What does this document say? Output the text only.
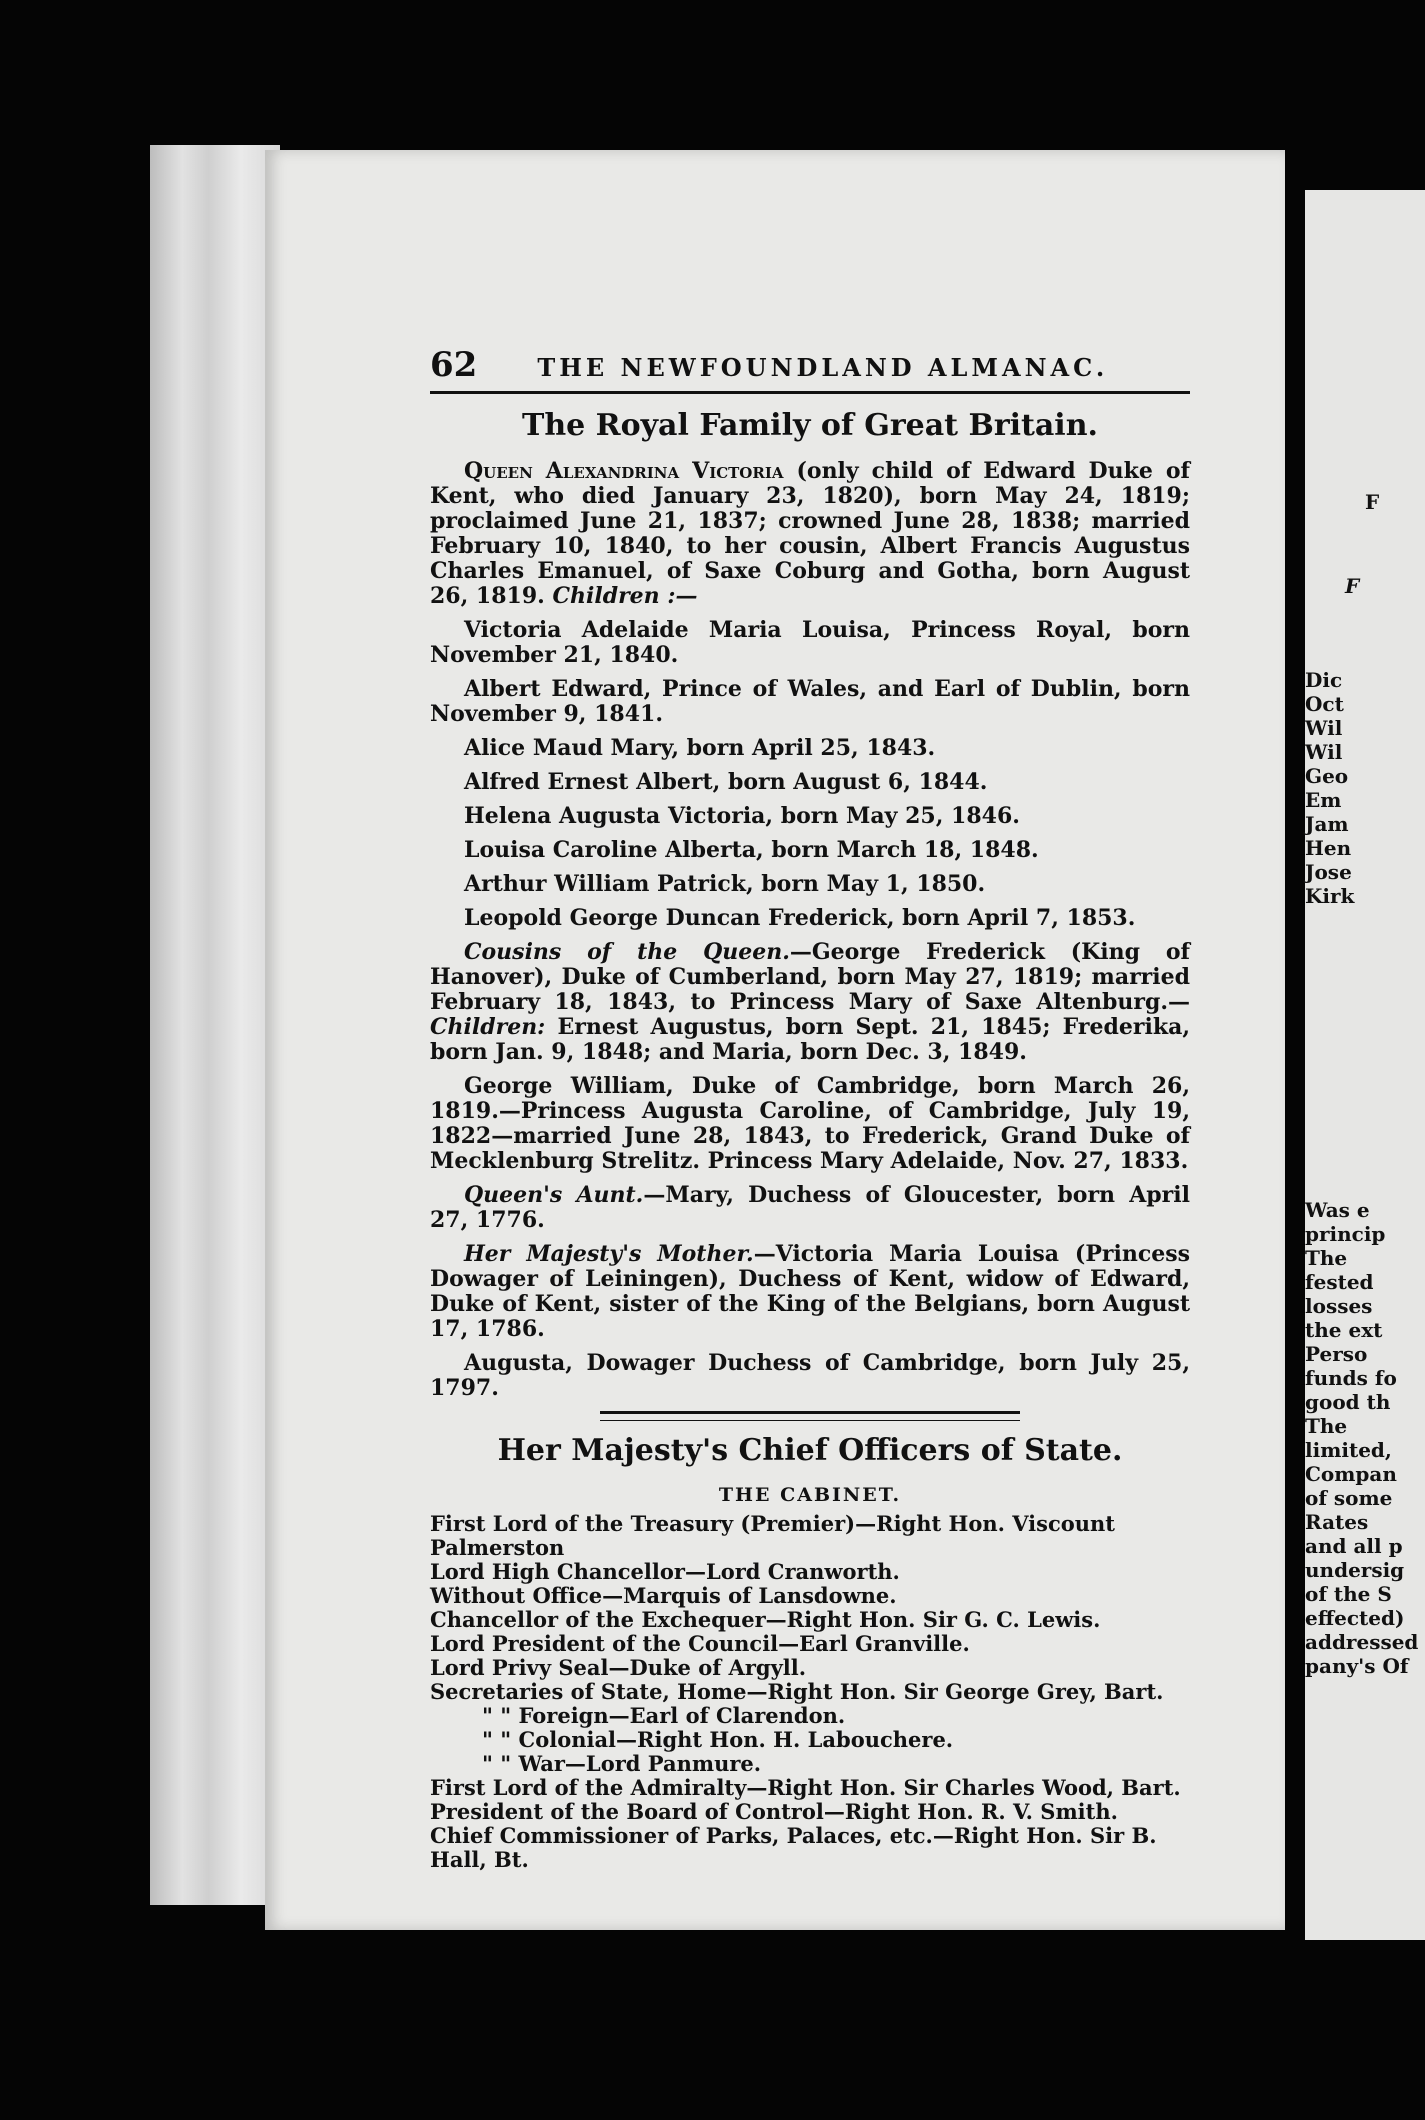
62	THE NEWFOUNDLAND ALMANAC.
The Royal Family of Great Britain.

Queen Alexandrina Victoria (only child of Edward Duke of Kent, who died January 23, 1820), born May 24, 1819; proclaimed June 21, 1837; crowned June 28, 1838; married February 10, 1840, to her cousin, Albert Francis Augustus Charles Emanuel, of Saxe Coburg and Gotha, born August 26, 1819. Children :—

Victoria Adelaide Maria Louisa, Princess Royal, born November 21, 1840.

Albert Edward, Prince of Wales, and Earl of Dublin, born November 9, 1841.

Alice Maud Mary, born April 25, 1843.

Alfred Ernest Albert, born August 6, 1844.

Helena Augusta Victoria, born May 25, 1846.

Louisa Caroline Alberta, born March 18, 1848.

Arthur William Patrick, born May 1, 1850.

Leopold George Duncan Frederick, born April 7, 1853.

Cousins of the Queen.—George Frederick (King of Hanover), Duke of Cumberland, born May 27, 1819; married February 18, 1843, to Princess Mary of Saxe Altenburg.—Children: Ernest Augustus, born Sept. 21, 1845; Frederika, born Jan. 9, 1848; and Maria, born Dec. 3, 1849.

George William, Duke of Cambridge, born March 26, 1819.—Princess Augusta Caroline, of Cambridge, July 19, 1822—married June 28, 1843, to Frederick, Grand Duke of Mecklenburg Strelitz. Princess Mary Adelaide, Nov. 27, 1833.

Queen's Aunt.—Mary, Duchess of Gloucester, born April 27, 1776.

Her Majesty's Mother.—Victoria Maria Louisa (Princess Dowager of Leiningen), Duchess of Kent, widow of Edward, Duke of Kent, sister of the King of the Belgians, born August 17, 1786.

Augusta, Dowager Duchess of Cambridge, born July 25, 1797.

Her Majesty's Chief Officers of State.
THE CABINET.

First Lord of the Treasury (Premier)—Right Hon. Viscount Palmerston

Lord High Chancellor—Lord Cranworth.

Without Office—Marquis of Lansdowne.

Chancellor of the Exchequer—Right Hon. Sir G. C. Lewis.

Lord President of the Council—Earl Granville.

Lord Privy Seal—Duke of Argyll.

Secretaries of State, Home—Right Hon. Sir George Grey, Bart.

" " Foreign—Earl of Clarendon.

" " Colonial—Right Hon. H. Labouchere.

" " War—Lord Panmure.

First Lord of the Admiralty—Right Hon. Sir Charles Wood, Bart.

President of the Board of Control—Right Hon. R. V. Smith.

Chief Commissioner of Parks, Palaces, etc.—Right Hon. Sir B. Hall, Bt.

F
F
Dic
Oct
Wil
Wil
Geo
Em
Jam
Hen
Jose
Kirk
Was e
princip
The
fested
losses
the ext
Perso
funds fo
good th
The
limited,
Compan
of some
Rates
and all p
undersig
of the S
effected)
addressed
pany's Of
